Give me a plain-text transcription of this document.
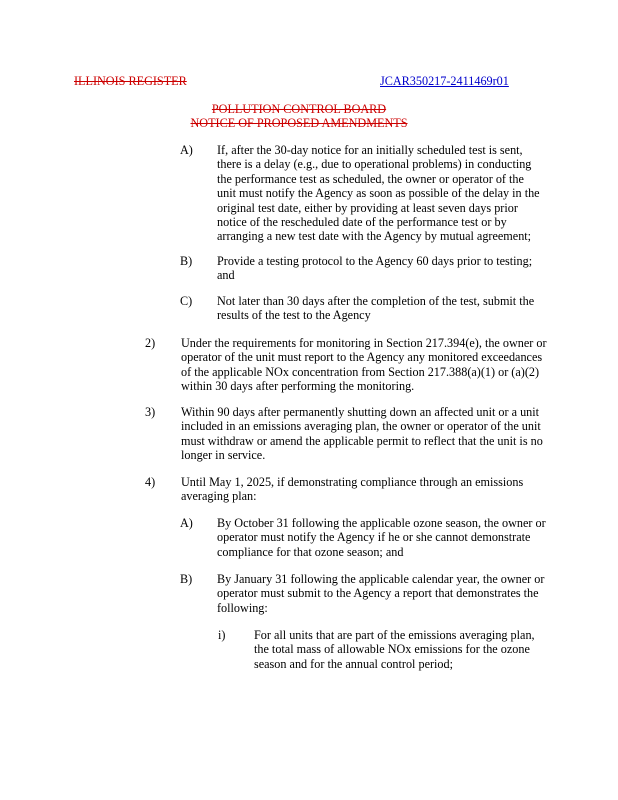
ILLINOIS REGISTER	JCAR350217-2411469r01
POLLUTION CONTROL BOARD
NOTICE OF PROPOSED AMENDMENTS
A) If, after the 30-day notice for an initially scheduled test is sent,
there is a delay (e.g., due to operational problems) in conducting
the performance test as scheduled, the owner or operator of the
unit must notify the Agency as soon as possible of the delay in the
original test date, either by providing at least seven days prior
notice of the rescheduled date of the performance test or by
arranging a new test date with the Agency by mutual agreement;
B) Provide a testing protocol to the Agency 60 days prior to testing;
and
C) Not later than 30 days after the completion of the test, submit the
results of the test to the Agency
2) Under the requirements for monitoring in Section 217.394(e), the owner or
operator of the unit must report to the Agency any monitored exceedances
of the applicable NOx concentration from Section 217.388(a)(1) or (a)(2)
within 30 days after performing the monitoring.
3) Within 90 days after permanently shutting down an affected unit or a unit
included in an emissions averaging plan, the owner or operator of the unit
must withdraw or amend the applicable permit to reflect that the unit is no
longer in service.
4) Until May 1, 2025, if demonstrating compliance through an emissions
averaging plan:
A) By October 31 following the applicable ozone season, the owner or
operator must notify the Agency if he or she cannot demonstrate
compliance for that ozone season; and
B) By January 31 following the applicable calendar year, the owner or
operator must submit to the Agency a report that demonstrates the
following:
i) For all units that are part of the emissions averaging plan,
the total mass of allowable NOx emissions for the ozone
season and for the annual control period;
